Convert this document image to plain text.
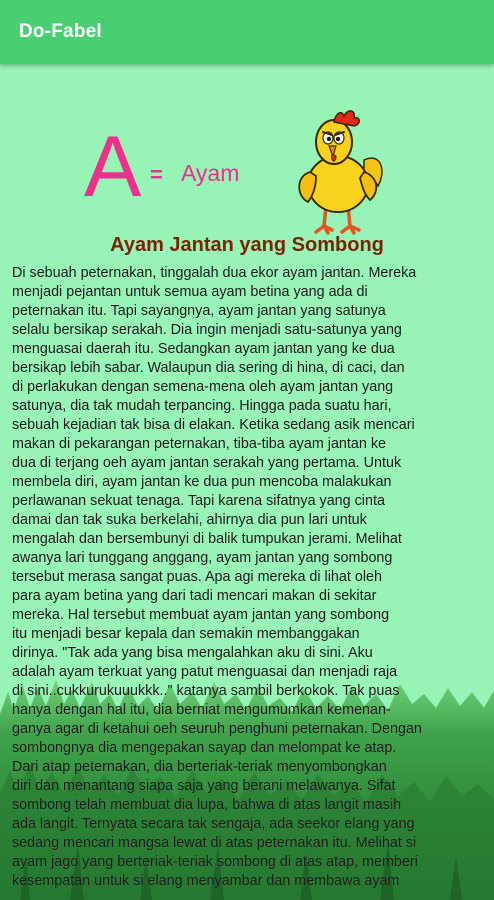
Do-Fabel
A = Ayam
Ayam Jantan yang Sombong

Di sebuah peternakan, tinggalah dua ekor ayam jantan. Mereka

menjadi pejantan untuk semua ayam betina yang ada di

peternakan itu. Tapi sayangnya, ayam jantan yang satunya

selalu bersikap serakah. Dia ingin menjadi satu-satunya yang

menguasai daerah itu. Sedangkan ayam jantan yang ke dua

bersikap lebih sabar. Walaupun dia sering di hina, di caci, dan

di perlakukan dengan semena-mena oleh ayam jantan yang

satunya, dia tak mudah terpancing. Hingga pada suatu hari,

sebuah kejadian tak bisa di elakan. Ketika sedang asik mencari

makan di pekarangan peternakan, tiba-tiba ayam jantan ke

dua di terjang oeh ayam jantan serakah yang pertama. Untuk

membela diri, ayam jantan ke dua pun mencoba malakukan

perlawanan sekuat tenaga. Tapi karena sifatnya yang cinta

damai dan tak suka berkelahi, ahirnya dia pun lari untuk

mengalah dan bersembunyi di balik tumpukan jerami. Melihat

awanya lari tunggang anggang, ayam jantan yang sombong

tersebut merasa sangat puas. Apa agi mereka di lihat oleh

para ayam betina yang dari tadi mencari makan di sekitar

mereka. Hal tersebut membuat ayam jantan yang sombong

itu menjadi besar kepala dan semakin membanggakan

dirinya. "Tak ada yang bisa mengalahkan aku di sini. Aku

adalah ayam terkuat yang patut menguasai dan menjadi raja

di sini..cukkurukuuukkk.." katanya sambil berkokok. Tak puas

hanya dengan hal itu, dia berniat mengumumkan kemenan-

ganya agar di ketahui oeh seuruh penghuni peternakan. Dengan

sombongnya dia mengepakan sayap dan melompat ke atap.

Dari atap peternakan, dia berteriak-teriak menyombongkan

diri dan menantang siapa saja yang berani melawanya. Sifat

sombong telah membuat dia lupa, bahwa di atas langit masih

ada langit. Ternyata secara tak sengaja, ada seekor elang yang

sedang mencari mangsa lewat di atas peternakan itu. Melihat si

ayam jago yang berteriak-teriak sombong di atas atap, memberi

kesempatan untuk si elang menyambar dan membawa ayam
